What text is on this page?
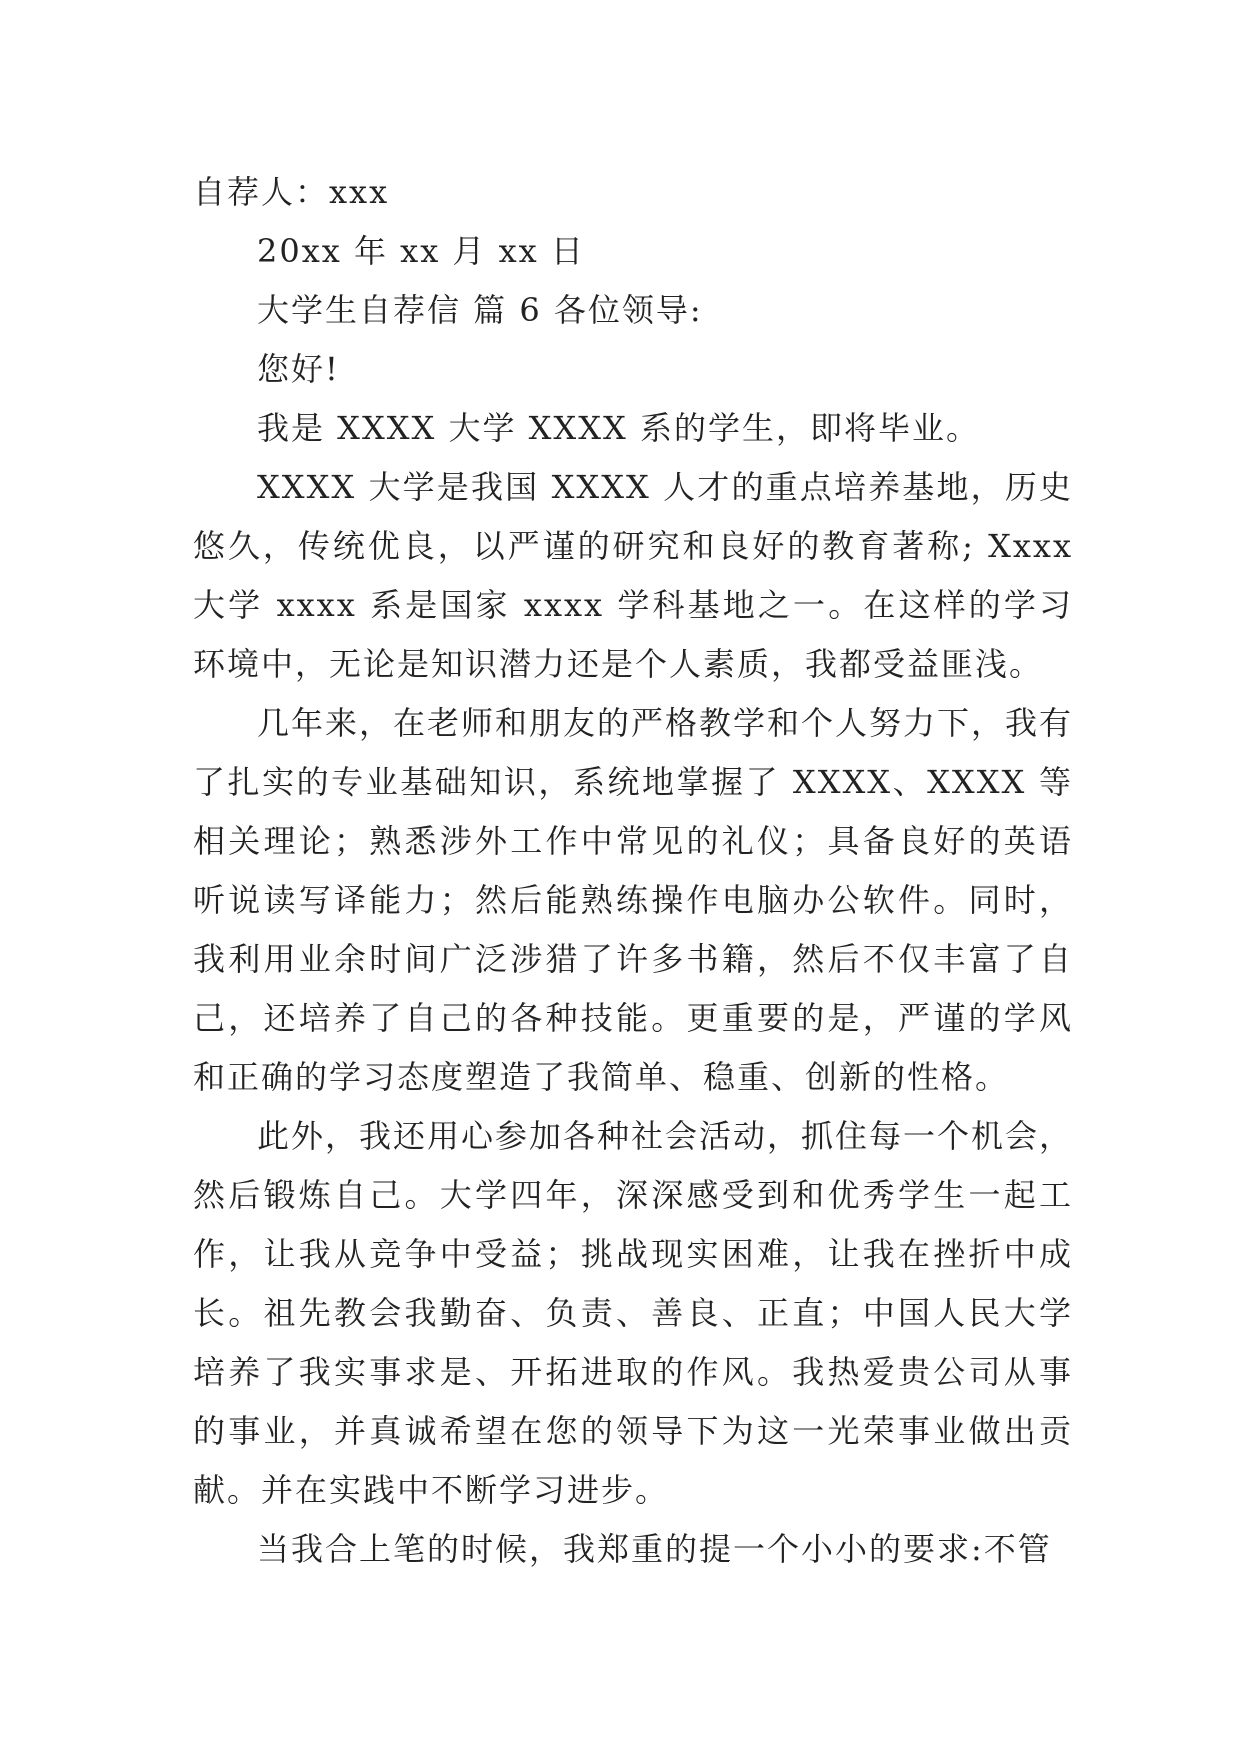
自荐人：xxx
20xx 年 xx 月 xx 日
大学生自荐信 篇 6 各位领导:
您好!

我是 XXXX 大学 XXXX 系的学生，即将毕业。

XXXX 大学是我国 XXXX 人才的重点培养基地，历史悠久，传统优良，以严谨的研究和良好的教育著称; Xxxx 大学 xxxx 系是国家 xxxx 学科基地之一。在这样的学习环境中，无论是知识潜力还是个人素质，我都受益匪浅。

几年来，在老师和朋友的严格教学和个人努力下，我有了扎实的专业基础知识，系统地掌握了 XXXX、XXXX 等相关理论；熟悉涉外工作中常见的礼仪；具备良好的英语听说读写译能力；然后能熟练操作电脑办公软件。同时，我利用业余时间广泛涉猎了许多书籍，然后不仅丰富了自己，还培养了自己的各种技能。更重要的是，严谨的学风和正确的学习态度塑造了我简单、稳重、创新的性格。

此外，我还用心参加各种社会活动，抓住每一个机会，然后锻炼自己。大学四年，深深感受到和优秀学生一起工作，让我从竞争中受益；挑战现实困难，让我在挫折中成长。祖先教会我勤奋、负责、善良、正直；中国人民大学培养了我实事求是、开拓进取的作风。我热爱贵公司从事的事业，并真诚希望在您的领导下为这一光荣事业做出贡献。并在实践中不断学习进步。

当我合上笔的时候，我郑重的提一个小小的要求:不管
